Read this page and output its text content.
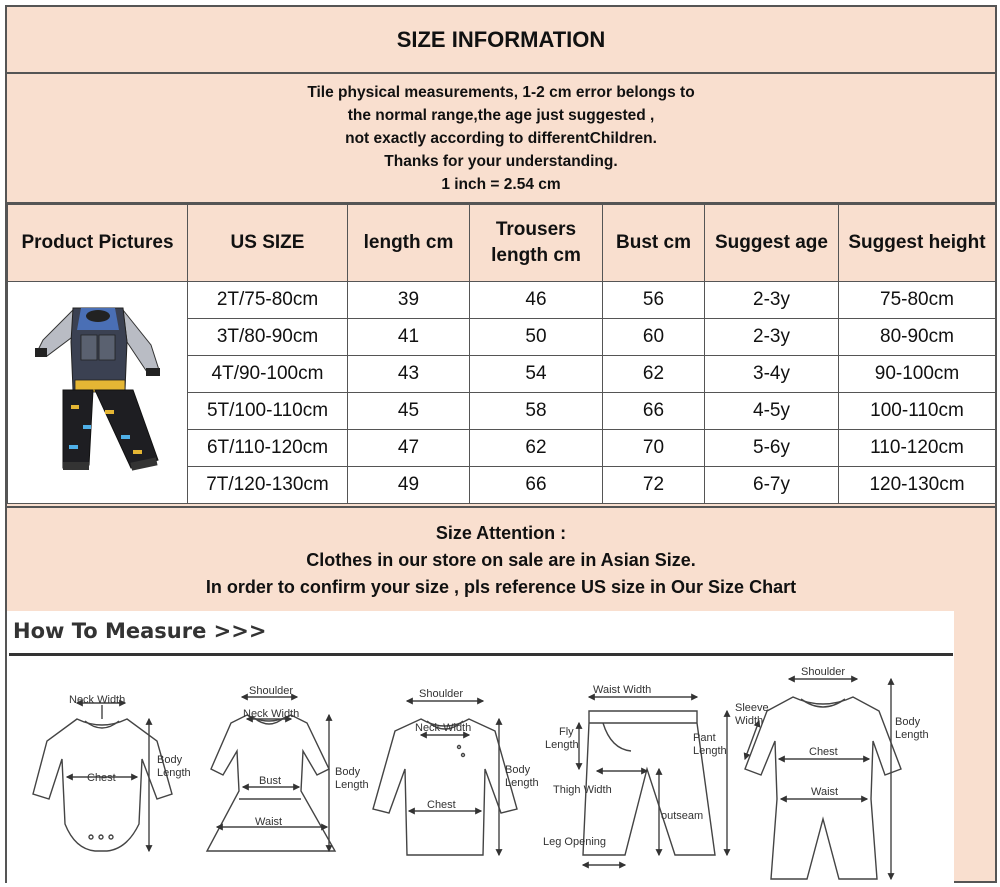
SIZE INFORMATION
Tile physical measurements, 1-2 cm error belongs to
the normal range,the age just suggested ,
not exactly according to differentChildren.
Thanks for your understanding.
1 inch = 2.54 cm
Product Pictures	US SIZE	length cm	Trousers length cm	Bust cm	Suggest age	Suggest height
	2T/75-80cm	39	46	56	2-3y	75-80cm
	3T/80-90cm	41	50	60	2-3y	80-90cm
	4T/90-100cm	43	54	62	3-4y	90-100cm
	5T/100-110cm	45	58	66	4-5y	100-110cm
	6T/110-120cm	47	62	70	5-6y	110-120cm
	7T/120-130cm	49	66	72	6-7y	120-130cm
Size Attention :
Clothes in our store on sale are in Asian Size.
In order to confirm your size , pls reference US size in Our Size Chart
How To Measure >>>
Neck Width
Chest
Body
Length
Shoulder
Neck Width
Bust
Waist
Body
Length
Shoulder
Neck Width
Chest
Body
Length
Waist Width
Fly
Length
Pant
Length
Thigh Width
outseam
Leg Opening
Shoulder
Sleeve
Width
Chest
Waist
Body
Length
